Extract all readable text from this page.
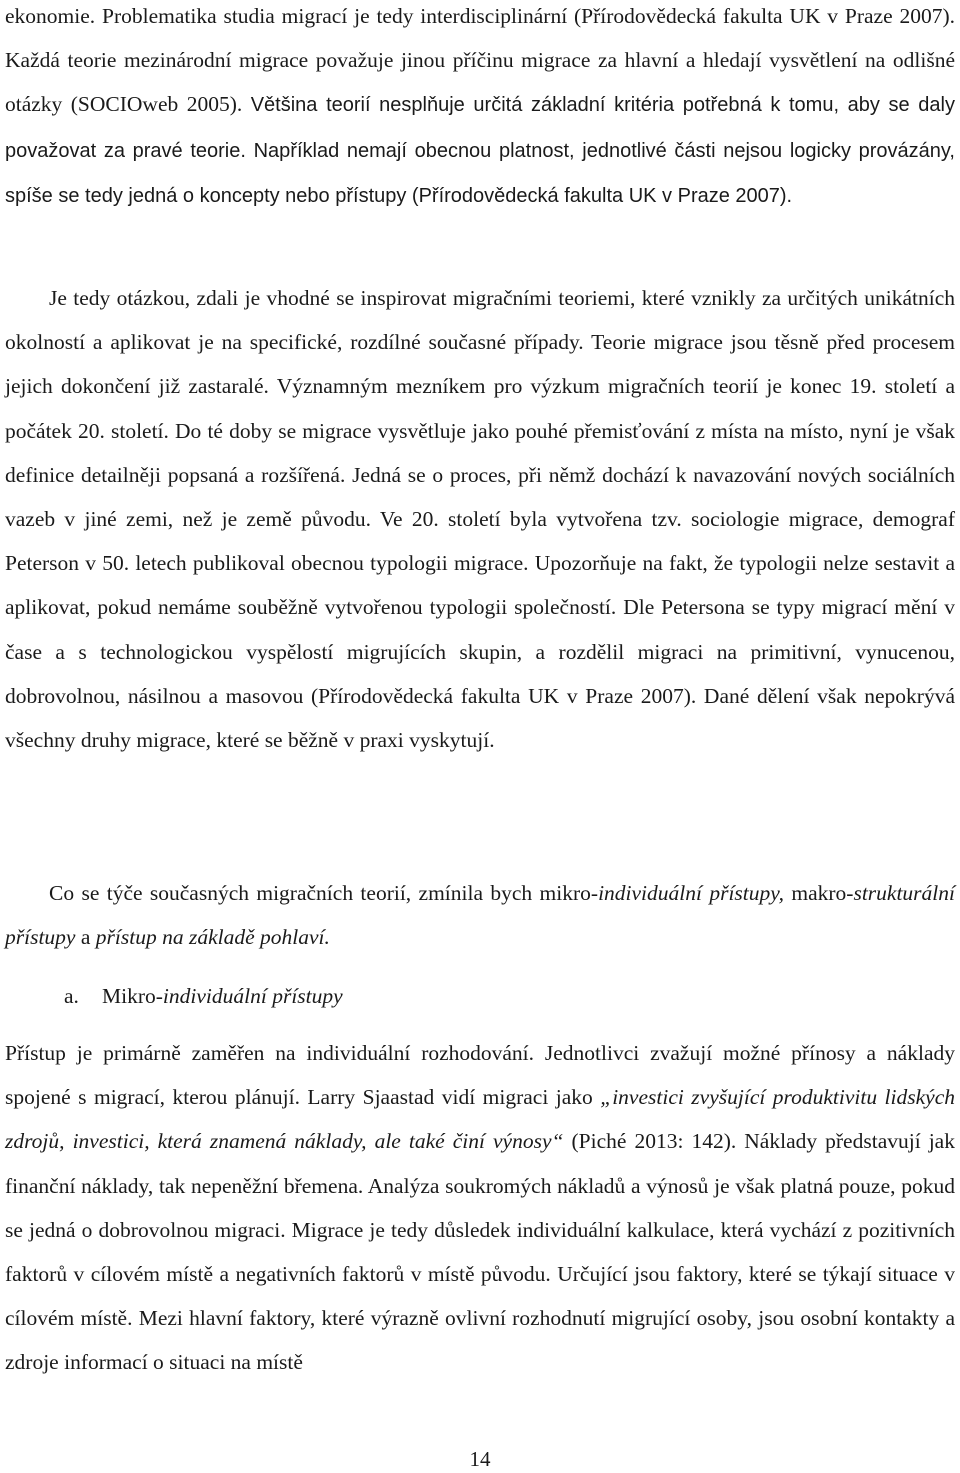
ekonomie. Problematika studia migrací je tedy interdisciplinární (Přírodovědecká fakulta UK v Praze 2007). Každá teorie mezinárodní migrace považuje jinou příčinu migrace za hlavní a hledají vysvětlení na odlišné otázky (SOCIOweb 2005). Většina teorií nesplňuje určitá základní kritéria potřebná k tomu, aby se daly považovat za pravé teorie. Například nemají obecnou platnost, jednotlivé části nejsou logicky provázány, spíše se tedy jedná o koncepty nebo přístupy (Přírodovědecká fakulta UK v Praze 2007).

Je tedy otázkou, zdali je vhodné se inspirovat migračními teoriemi, které vznikly za určitých unikátních okolností a aplikovat je na specifické, rozdílné současné případy. Teorie migrace jsou těsně před procesem jejich dokončení již zastaralé. Významným mezníkem pro výzkum migračních teorií je konec 19. století a počátek 20. století. Do té doby se migrace vysvětluje jako pouhé přemisťování z místa na místo, nyní je však definice detailněji popsaná a rozšířená. Jedná se o proces, při němž dochází k navazování nových sociálních vazeb v jiné zemi, než je země původu. Ve 20. století byla vytvořena tzv. sociologie migrace, demograf Peterson v 50. letech publikoval obecnou typologii migrace. Upozorňuje na fakt, že typologii nelze sestavit a aplikovat, pokud nemáme souběžně vytvořenou typologii společností. Dle Petersona se typy migrací mění v čase a s technologickou vyspělostí migrujících skupin, a rozdělil migraci na primitivní, vynucenou, dobrovolnou, násilnou a masovou (Přírodovědecká fakulta UK v Praze 2007). Dané dělení však nepokrývá všechny druhy migrace, které se běžně v praxi vyskytují.

Co se týče současných migračních teorií, zmínila bych mikro-individuální přístupy, makro-strukturální přístupy a přístup na základě pohlaví.

a. Mikro-individuální přístupy

Přístup je primárně zaměřen na individuální rozhodování. Jednotlivci zvažují možné přínosy a náklady spojené s migrací, kterou plánují. Larry Sjaastad vidí migraci jako „investici zvyšující produktivitu lidských zdrojů, investici, která znamená náklady, ale také činí výnosy“ (Piché 2013: 142). Náklady představují jak finanční náklady, tak nepeněžní břemena. Analýza soukromých nákladů a výnosů je však platná pouze, pokud se jedná o dobrovolnou migraci. Migrace je tedy důsledek individuální kalkulace, která vychází z pozitivních faktorů v cílovém místě a negativních faktorů v místě původu. Určující jsou faktory, které se týkají situace v cílovém místě. Mezi hlavní faktory, které výrazně ovlivní rozhodnutí migrující osoby, jsou osobní kontakty a zdroje informací o situaci na místě

14
